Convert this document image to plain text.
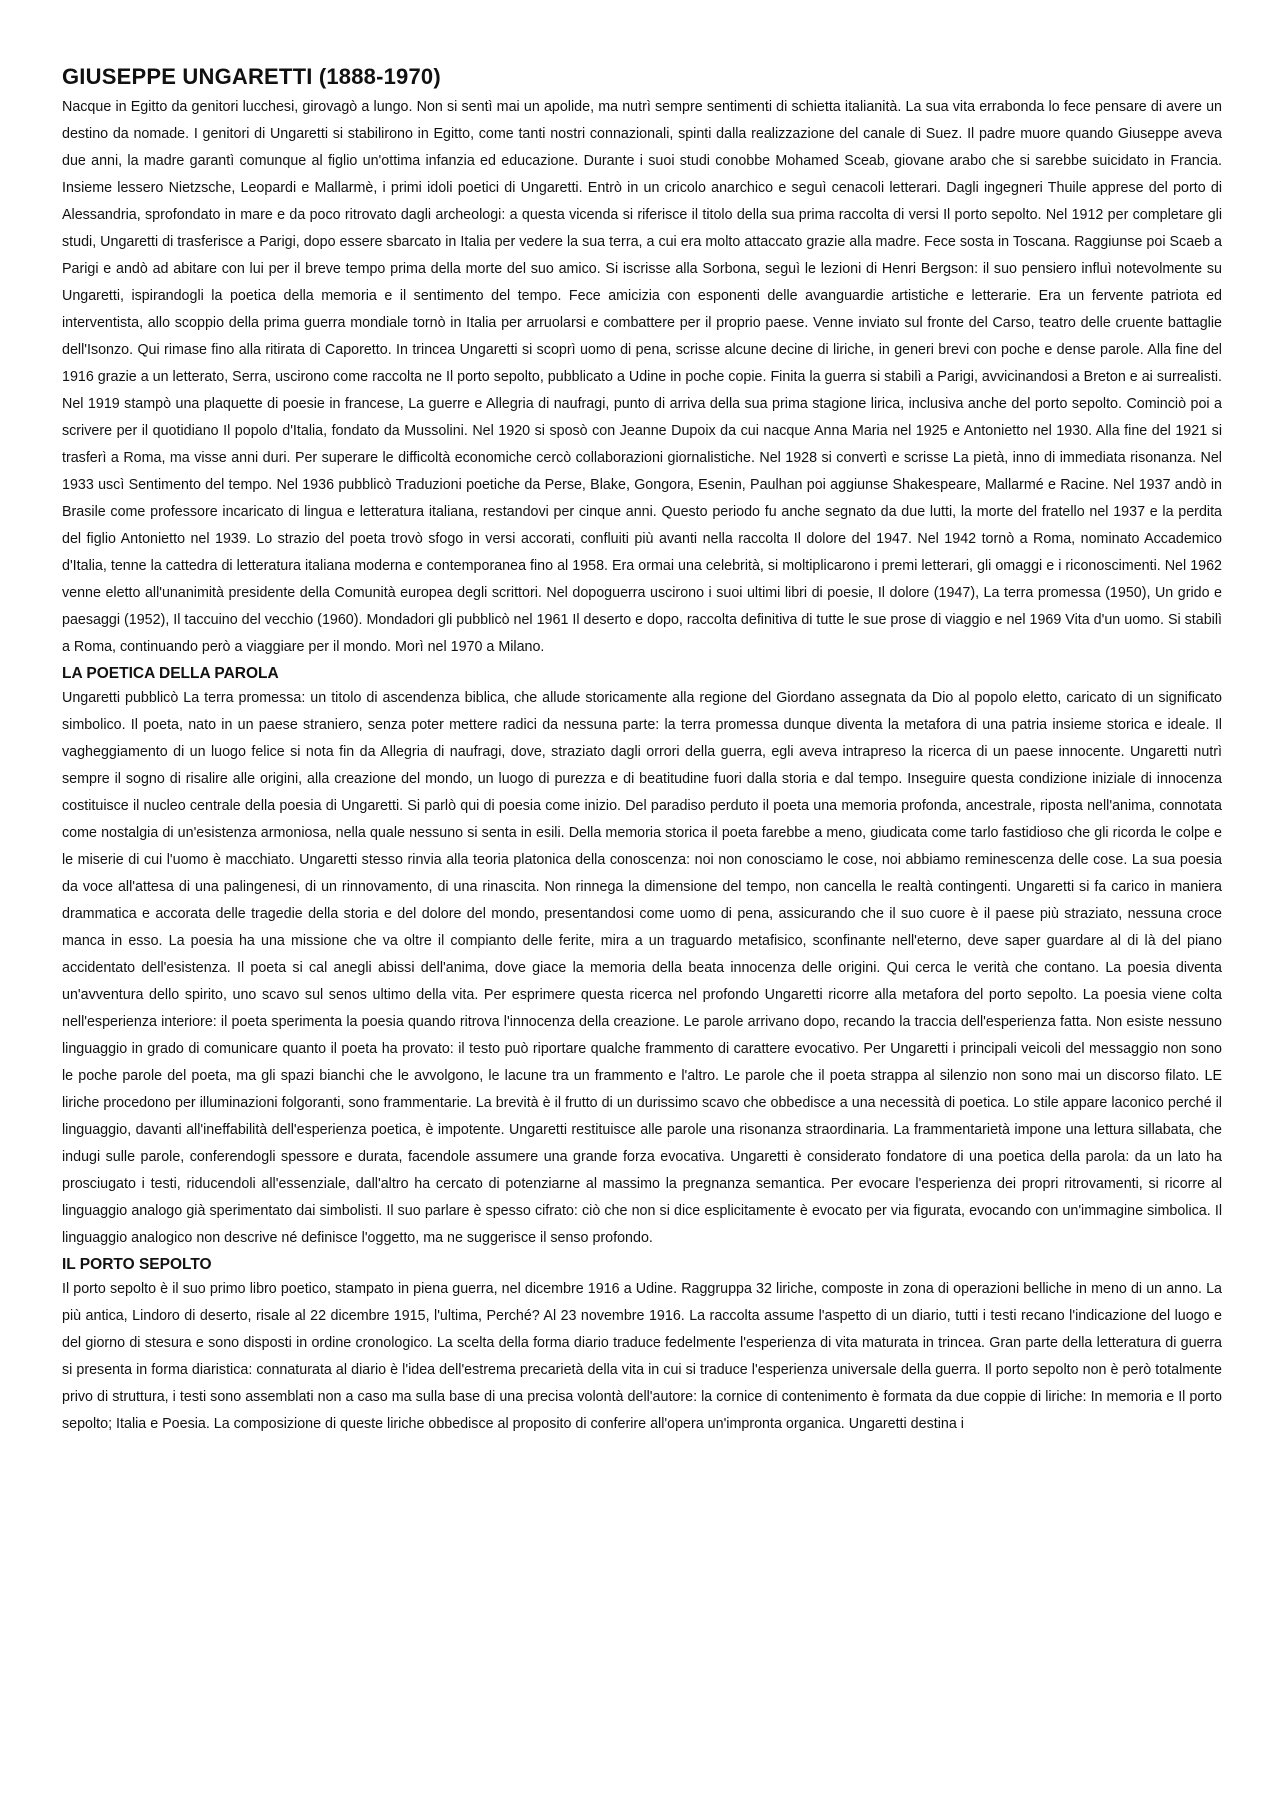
GIUSEPPE UNGARETTI (1888-1970)

Nacque in Egitto da genitori lucchesi, girovagò a lungo. Non si sentì mai un apolide, ma nutrì sempre sentimenti di schietta italianità. La sua vita errabonda lo fece pensare di avere un destino da nomade. I genitori di Ungaretti si stabilirono in Egitto, come tanti nostri connazionali, spinti dalla realizzazione del canale di Suez. Il padre muore quando Giuseppe aveva due anni, la madre garantì comunque al figlio un'ottima infanzia ed educazione. Durante i suoi studi conobbe Mohamed Sceab, giovane arabo che si sarebbe suicidato in Francia. Insieme lessero Nietzsche, Leopardi e Mallarmè, i primi idoli poetici di Ungaretti. Entrò in un cricolo anarchico e seguì cenacoli letterari. Dagli ingegneri Thuile apprese del porto di Alessandria, sprofondato in mare e da poco ritrovato dagli archeologi: a questa vicenda si riferisce il titolo della sua prima raccolta di versi Il porto sepolto. Nel 1912 per completare gli studi, Ungaretti di trasferisce a Parigi, dopo essere sbarcato in Italia per vedere la sua terra, a cui era molto attaccato grazie alla madre. Fece sosta in Toscana. Raggiunse poi Scaeb a Parigi e andò ad abitare con lui per il breve tempo prima della morte del suo amico. Si iscrisse alla Sorbona, seguì le lezioni di Henri Bergson: il suo pensiero influì notevolmente su Ungaretti, ispirandogli la poetica della memoria e il sentimento del tempo. Fece amicizia con esponenti delle avanguardie artistiche e letterarie. Era un fervente patriota ed interventista, allo scoppio della prima guerra mondiale tornò in Italia per arruolarsi e combattere per il proprio paese. Venne inviato sul fronte del Carso, teatro delle cruente battaglie dell'Isonzo. Qui rimase fino alla ritirata di Caporetto. In trincea Ungaretti si scoprì uomo di pena, scrisse alcune decine di liriche, in generi brevi con poche e dense parole. Alla fine del 1916 grazie a un letterato, Serra, uscirono come raccolta ne Il porto sepolto, pubblicato a Udine in poche copie. Finita la guerra si stabilì a Parigi, avvicinandosi a Breton e ai surrealisti. Nel 1919 stampò una plaquette di poesie in francese, La guerre e Allegria di naufragi, punto di arriva della sua prima stagione lirica, inclusiva anche del porto sepolto. Cominciò poi a scrivere per il quotidiano Il popolo d'Italia, fondato da Mussolini. Nel 1920 si sposò con Jeanne Dupoix da cui nacque Anna Maria nel 1925 e Antonietto nel 1930. Alla fine del 1921 si trasferì a Roma, ma visse anni duri. Per superare le difficoltà economiche cercò collaborazioni giornalistiche. Nel 1928 si convertì e scrisse La pietà, inno di immediata risonanza. Nel 1933 uscì Sentimento del tempo. Nel 1936 pubblicò Traduzioni poetiche da Perse, Blake, Gongora, Esenin, Paulhan poi aggiunse Shakespeare, Mallarmé e Racine. Nel 1937 andò in Brasile come professore incaricato di lingua e letteratura italiana, restandovi per cinque anni. Questo periodo fu anche segnato da due lutti, la morte del fratello nel 1937 e la perdita del figlio Antonietto nel 1939. Lo strazio del poeta trovò sfogo in versi accorati, confluiti più avanti nella raccolta Il dolore del 1947. Nel 1942 tornò a Roma, nominato Accademico d'Italia, tenne la cattedra di letteratura italiana moderna e contemporanea fino al 1958. Era ormai una celebrità, si moltiplicarono i premi letterari, gli omaggi e i riconoscimenti. Nel 1962 venne eletto all'unanimità presidente della Comunità europea degli scrittori. Nel dopoguerra uscirono i suoi ultimi libri di poesie, Il dolore (1947), La terra promessa (1950), Un grido e paesaggi (1952), Il taccuino del vecchio (1960). Mondadori gli pubblicò nel 1961 Il deserto e dopo, raccolta definitiva di tutte le sue prose di viaggio e nel 1969 Vita d'un uomo. Si stabilì a Roma, continuando però a viaggiare per il mondo. Morì nel 1970 a Milano.

LA POETICA DELLA PAROLA

Ungaretti pubblicò La terra promessa: un titolo di ascendenza biblica, che allude storicamente alla regione del Giordano assegnata da Dio al popolo eletto, caricato di un significato simbolico. Il poeta, nato in un paese straniero, senza poter mettere radici da nessuna parte: la terra promessa dunque diventa la metafora di una patria insieme storica e ideale. Il vagheggiamento di un luogo felice si nota fin da Allegria di naufragi, dove, straziato dagli orrori della guerra, egli aveva intrapreso la ricerca di un paese innocente. Ungaretti nutrì sempre il sogno di risalire alle origini, alla creazione del mondo, un luogo di purezza e di beatitudine fuori dalla storia e dal tempo. Inseguire questa condizione iniziale di innocenza costituisce il nucleo centrale della poesia di Ungaretti. Si parlò qui di poesia come inizio. Del paradiso perduto il poeta una memoria profonda, ancestrale, riposta nell'anima, connotata come nostalgia di un'esistenza armoniosa, nella quale nessuno si senta in esili. Della memoria storica il poeta farebbe a meno, giudicata come tarlo fastidioso che gli ricorda le colpe e le miserie di cui l'uomo è macchiato. Ungaretti stesso rinvia alla teoria platonica della conoscenza: noi non conosciamo le cose, noi abbiamo reminescenza delle cose. La sua poesia da voce all'attesa di una palingenesi, di un rinnovamento, di una rinascita. Non rinnega la dimensione del tempo, non cancella le realtà contingenti. Ungaretti si fa carico in maniera drammatica e accorata delle tragedie della storia e del dolore del mondo, presentandosi come uomo di pena, assicurando che il suo cuore è il paese più straziato, nessuna croce manca in esso. La poesia ha una missione che va oltre il compianto delle ferite, mira a un traguardo metafisico, sconfinante nell'eterno, deve saper guardare al di là del piano accidentato dell'esistenza. Il poeta si cal anegli abissi dell'anima, dove giace la memoria della beata innocenza delle origini. Qui cerca le verità che contano. La poesia diventa un'avventura dello spirito, uno scavo sul senos ultimo della vita. Per esprimere questa ricerca nel profondo Ungaretti ricorre alla metafora del porto sepolto. La poesia viene colta nell'esperienza interiore: il poeta sperimenta la poesia quando ritrova l'innocenza della creazione. Le parole arrivano dopo, recando la traccia dell'esperienza fatta. Non esiste nessuno linguaggio in grado di comunicare quanto il poeta ha provato: il testo può riportare qualche frammento di carattere evocativo. Per Ungaretti i principali veicoli del messaggio non sono le poche parole del poeta, ma gli spazi bianchi che le avvolgono, le lacune tra un frammento e l'altro. Le parole che il poeta strappa al silenzio non sono mai un discorso filato. LE liriche procedono per illuminazioni folgoranti, sono frammentarie. La brevità è il frutto di un durissimo scavo che obbedisce a una necessità di poetica. Lo stile appare laconico perché il linguaggio, davanti all'ineffabilità dell'esperienza poetica, è impotente. Ungaretti restituisce alle parole una risonanza straordinaria. La frammentarietà impone una lettura sillabata, che indugi sulle parole, conferendogli spessore e durata, facendole assumere una grande forza evocativa. Ungaretti è considerato fondatore di una poetica della parola: da un lato ha prosciugato i testi, riducendoli all'essenziale, dall'altro ha cercato di potenziarne al massimo la pregnanza semantica. Per evocare l'esperienza dei propri ritrovamenti, si ricorre al linguaggio analogo già sperimentato dai simbolisti. Il suo parlare è spesso cifrato: ciò che non si dice esplicitamente è evocato per via figurata, evocando con un'immagine simbolica. Il linguaggio analogico non descrive né definisce l'oggetto, ma ne suggerisce il senso profondo.

IL PORTO SEPOLTO

Il porto sepolto è il suo primo libro poetico, stampato in piena guerra, nel dicembre 1916 a Udine. Raggruppa 32 liriche, composte in zona di operazioni belliche in meno di un anno. La più antica, Lindoro di deserto, risale al 22 dicembre 1915, l'ultima, Perché? Al 23 novembre 1916. La raccolta assume l'aspetto di un diario, tutti i testi recano l'indicazione del luogo e del giorno di stesura e sono disposti in ordine cronologico. La scelta della forma diario traduce fedelmente l'esperienza di vita maturata in trincea. Gran parte della letteratura di guerra si presenta in forma diaristica: connaturata al diario è l'idea dell'estrema precarietà della vita in cui si traduce l'esperienza universale della guerra. Il porto sepolto non è però totalmente privo di struttura, i testi sono assemblati non a caso ma sulla base di una precisa volontà dell'autore: la cornice di contenimento è formata da due coppie di liriche: In memoria e Il porto sepolto; Italia e Poesia. La composizione di queste liriche obbedisce al proposito di conferire all'opera un'impronta organica. Ungaretti destina i
